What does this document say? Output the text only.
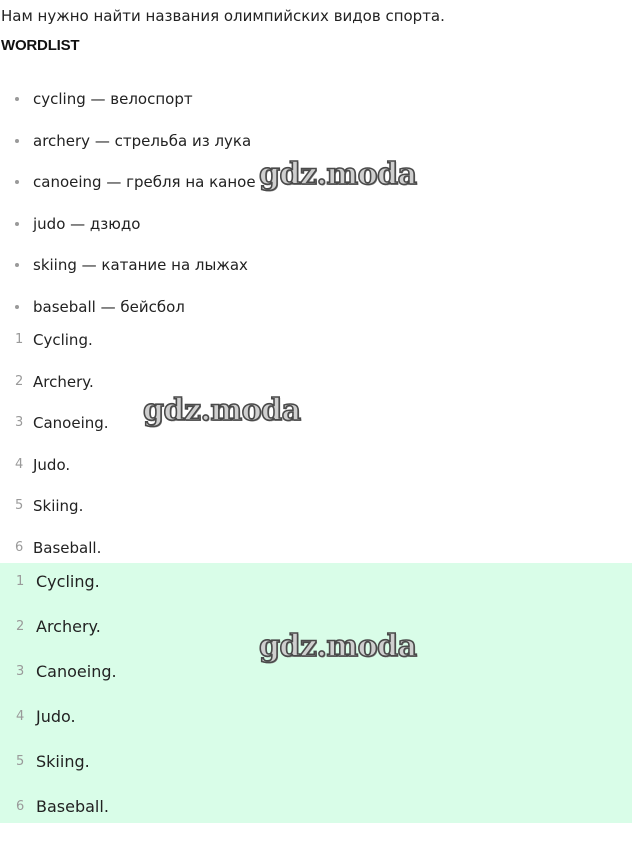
Нам нужно найти названия олимпийских видов спорта.
WORDLIST
cycling — велоспорт
archery — стрельба из лука
canoeing — гребля на каное
judo — дзюдо
skiing — катание на лыжах
baseball — бейсбол
1 Cycling.
2 Archery.
3 Canoeing.
4 Judo.
5 Skiing.
6 Baseball.
1 Cycling.
2 Archery.
3 Canoeing.
4 Judo.
5 Skiing.
6 Baseball.
gdz.moda
gdz.moda
gdz.moda
